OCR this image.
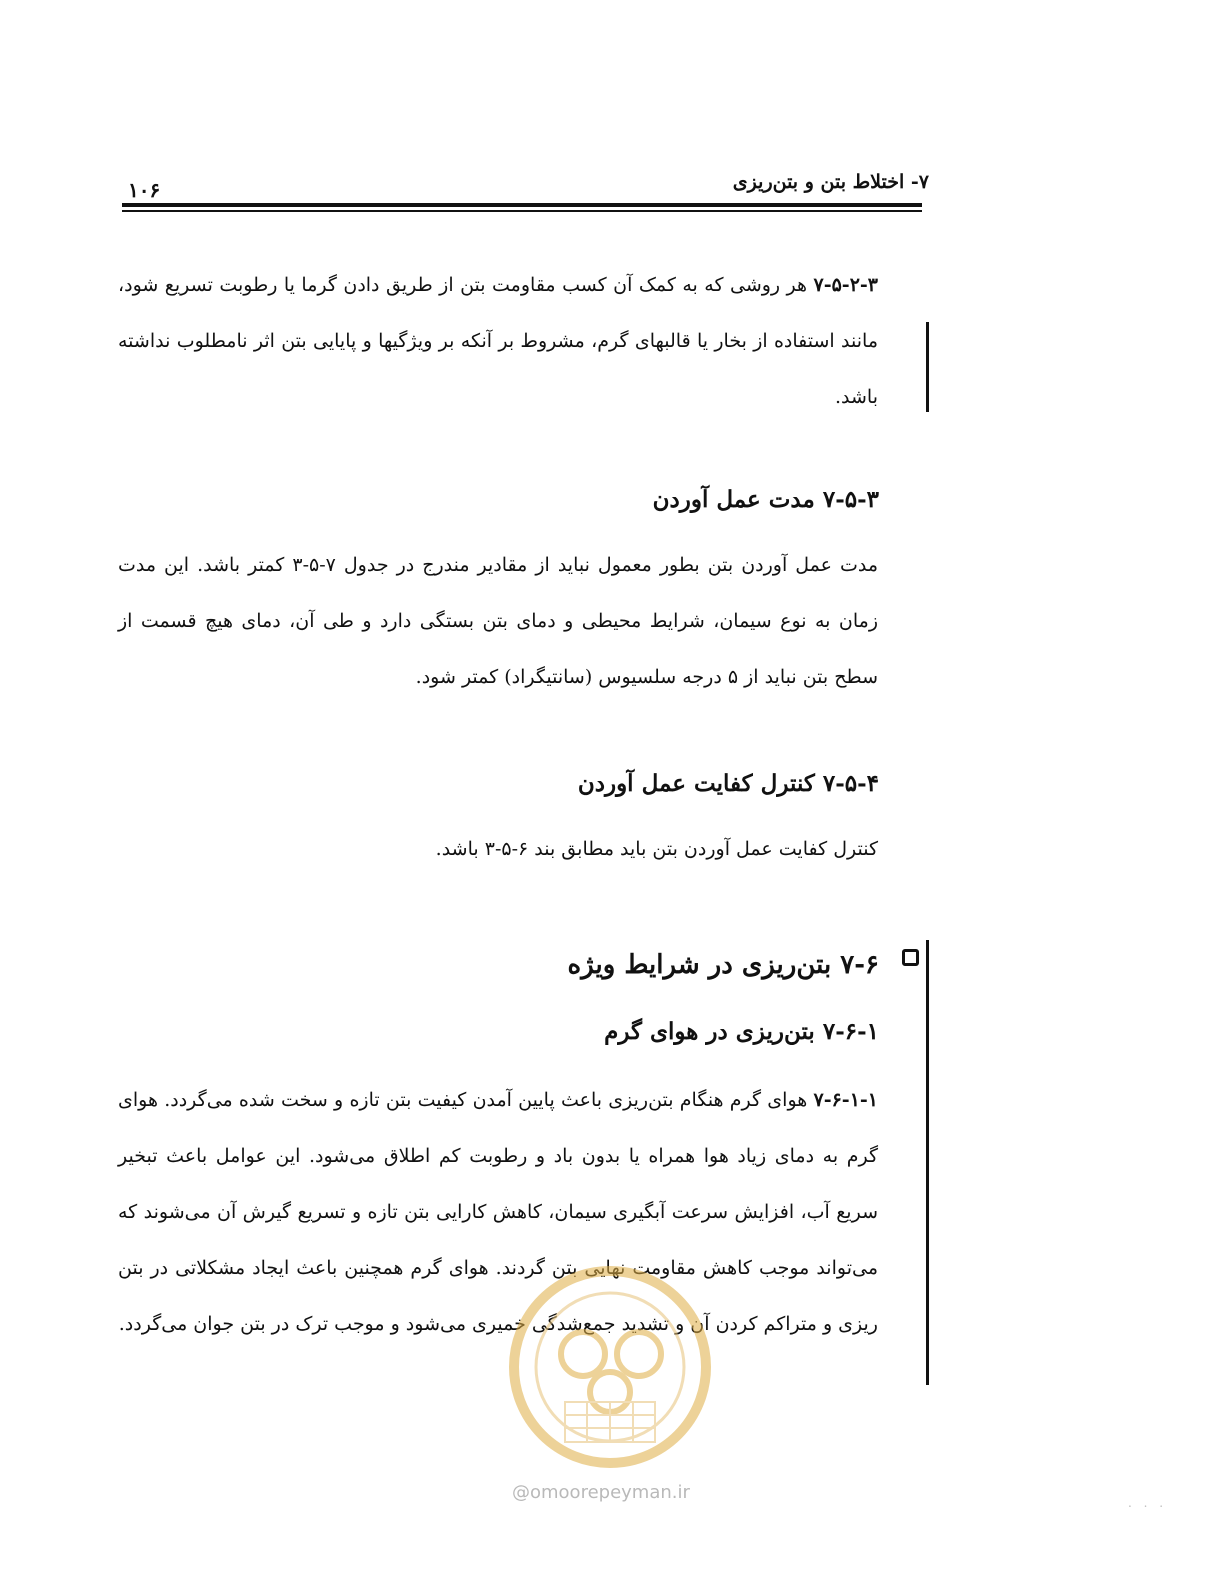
۷- اختلاط بتن و بتن‌ریزی
۱۰۶
۷-۵-۲-۳ هر روشی که به کمک آن کسب مقاومت بتن از طریق دادن گرما یا رطوبت تسریع شود، مانند استفاده از بخار یا قالبهای گرم، مشروط بر آنکه بر ویژگیها و پایایی بتن اثر نامطلوب نداشته باشد.
۷-۵-۳ مدت عمل آوردن
مدت عمل آوردن بتن بطور معمول نباید از مقادیر مندرج در جدول ۷-۵-۳ کمتر باشد. این مدت زمان به نوع سیمان، شرایط محیطی و دمای بتن بستگی دارد و طی آن، دمای هیچ قسمت از سطح بتن نباید از ۵ درجه سلسیوس (سانتیگراد) کمتر شود.
۷-۵-۴ کنترل کفایت عمل آوردن
کنترل کفایت عمل آوردن بتن باید مطابق بند ۶-۵-۳ باشد.
۷-۶ بتن‌ریزی در شرایط ویژه
۷-۶-۱ بتن‌ریزی در هوای گرم
۷-۶-۱-۱ هوای گرم هنگام بتن‌ریزی باعث پایین آمدن کیفیت بتن تازه و سخت شده می‌گردد. هوای گرم به دمای زیاد هوا همراه یا بدون باد و رطوبت کم اطلاق می‌شود. این عوامل باعث تبخیر سریع آب، افزایش سرعت آبگیری سیمان، کاهش کارایی بتن تازه و تسریع گیرش آن می‌شوند که می‌تواند موجب کاهش مقاومت نهایی بتن گردند. هوای گرم همچنین باعث ایجاد مشکلاتی در بتن ریزی و متراکم کردن آن و تشدید جمع‌شدگی خمیری می‌شود و موجب ترک در بتن جوان می‌گردد.
@omoorepeyman.ir	. . .
